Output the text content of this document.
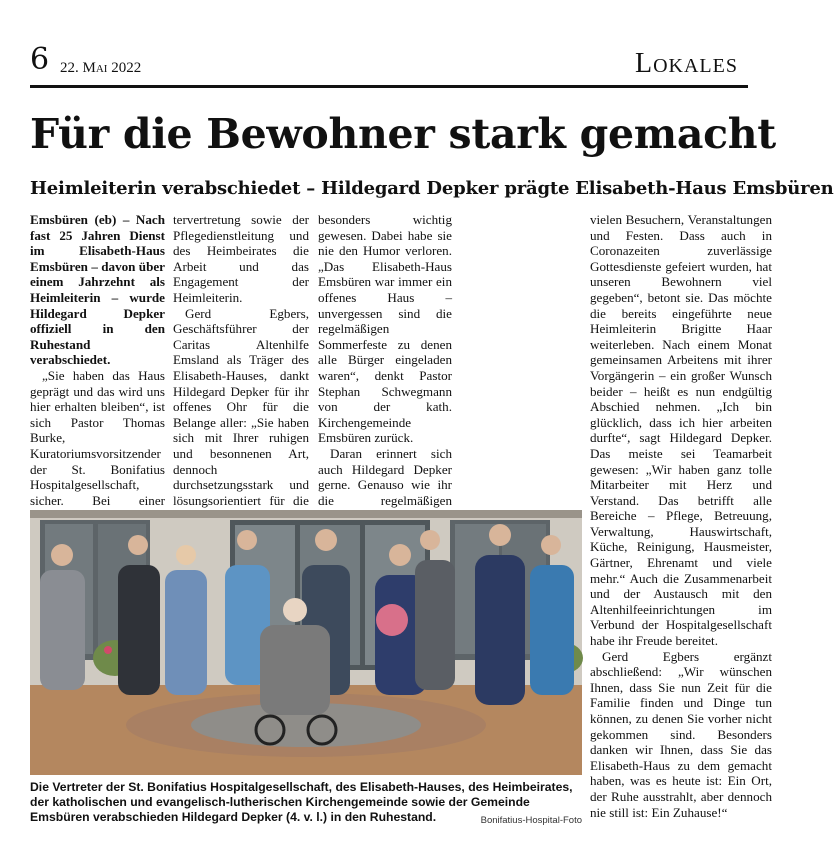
6 22. Mai 2022	Lokales
Für die Bewohner stark gemacht
Heimleiterin verabschiedet – Hildegard Depker prägte Elisabeth-Haus Emsbüren

Emsbüren (eb) – Nach fast 25 Jahren Dienst im Elisabeth-Haus Emsbüren – davon über einem Jahrzehnt als Heimleiterin – wurde Hildegard Depker offiziell in den Ruhestand verabschiedet.

„Sie haben das Haus geprägt und das wird uns hier erhalten bleiben“, ist sich Pastor Thomas Burke, Kuratoriumsvorsitzender der St. Bonifatius Hospitalgesellschaft, sicher. Bei einer

tervertretung sowie der Pflegedienstleitung und des Heimbeirates die Arbeit und das Engagement der Heimleiterin.

Gerd Egbers, Geschäftsführer der Caritas Altenhilfe Emsland als Träger des Elisabeth-Hauses, dankt Hildegard Depker für ihr offenes Ohr für die Belange aller: „Sie haben sich mit Ihrer ruhigen und besonnenen Art, dennoch durchsetzungsstark und lösungsorientiert für die

besonders wichtig gewesen. Dabei habe sie nie den Humor verloren. „Das Elisabeth-Haus Emsbüren war immer ein offenes Haus – unvergessen sind die regelmäßigen Sommerfeste zu denen alle Bürger eingeladen waren“, denkt Pastor Stephan Schwegmann von der kath. Kirchengemeinde Emsbüren zurück.

Daran erinnert sich auch Hildegard Depker gerne. Genauso wie ihr die regelmäßigen

vielen Besuchern, Veranstaltungen und Festen. Dass auch in Coronazeiten zuverlässige Gottesdienste gefeiert wurden, hat unseren Bewohnern viel gegeben“, betont sie. Das möchte die bereits eingeführte neue Heimleiterin Brigitte Haar weiterleben. Nach einem Monat gemeinsamen Arbeitens mit ihrer Vorgängerin – ein großer Wunsch beider – heißt es nun endgültig Abschied nehmen. „Ich bin glücklich, dass ich hier arbeiten durfte“, sagt Hildegard Depker. Das meiste sei Teamarbeit gewesen: „Wir haben ganz tolle Mitarbeiter mit Herz und Verstand. Das betrifft alle Bereiche – Pflege, Betreuung, Verwaltung, Hauswirtschaft, Küche, Reinigung, Hausmeister, Gärtner, Ehrenamt und viele mehr.“ Auch die Zusammenarbeit und der Austausch mit den Altenhilfeeinrichtungen im Verbund der Hospitalgesellschaft habe ihr Freude bereitet.

Gerd Egbers ergänzt abschließend: „Wir wünschen Ihnen, dass Sie nun Zeit für die Familie finden und Dinge tun können, zu denen Sie vorher nicht gekommen sind. Besonders danken wir Ihnen, dass Sie das Elisabeth-Haus zu dem gemacht haben, was es heute ist: Ein Ort, der Ruhe ausstrahlt, aber dennoch nie still ist: Ein Zuhause!“

Die Vertreter der St. Bonifatius Hospitalgesellschaft, des Elisabeth-Hauses, des Heimbeirates, der katholischen und evangelisch-lutherischen Kirchengemeinde sowie der Gemeinde Emsbüren verabschieden Hildegard Depker (4. v. l.) in den Ruhestand.	Bonifatius-Hospital-Foto
